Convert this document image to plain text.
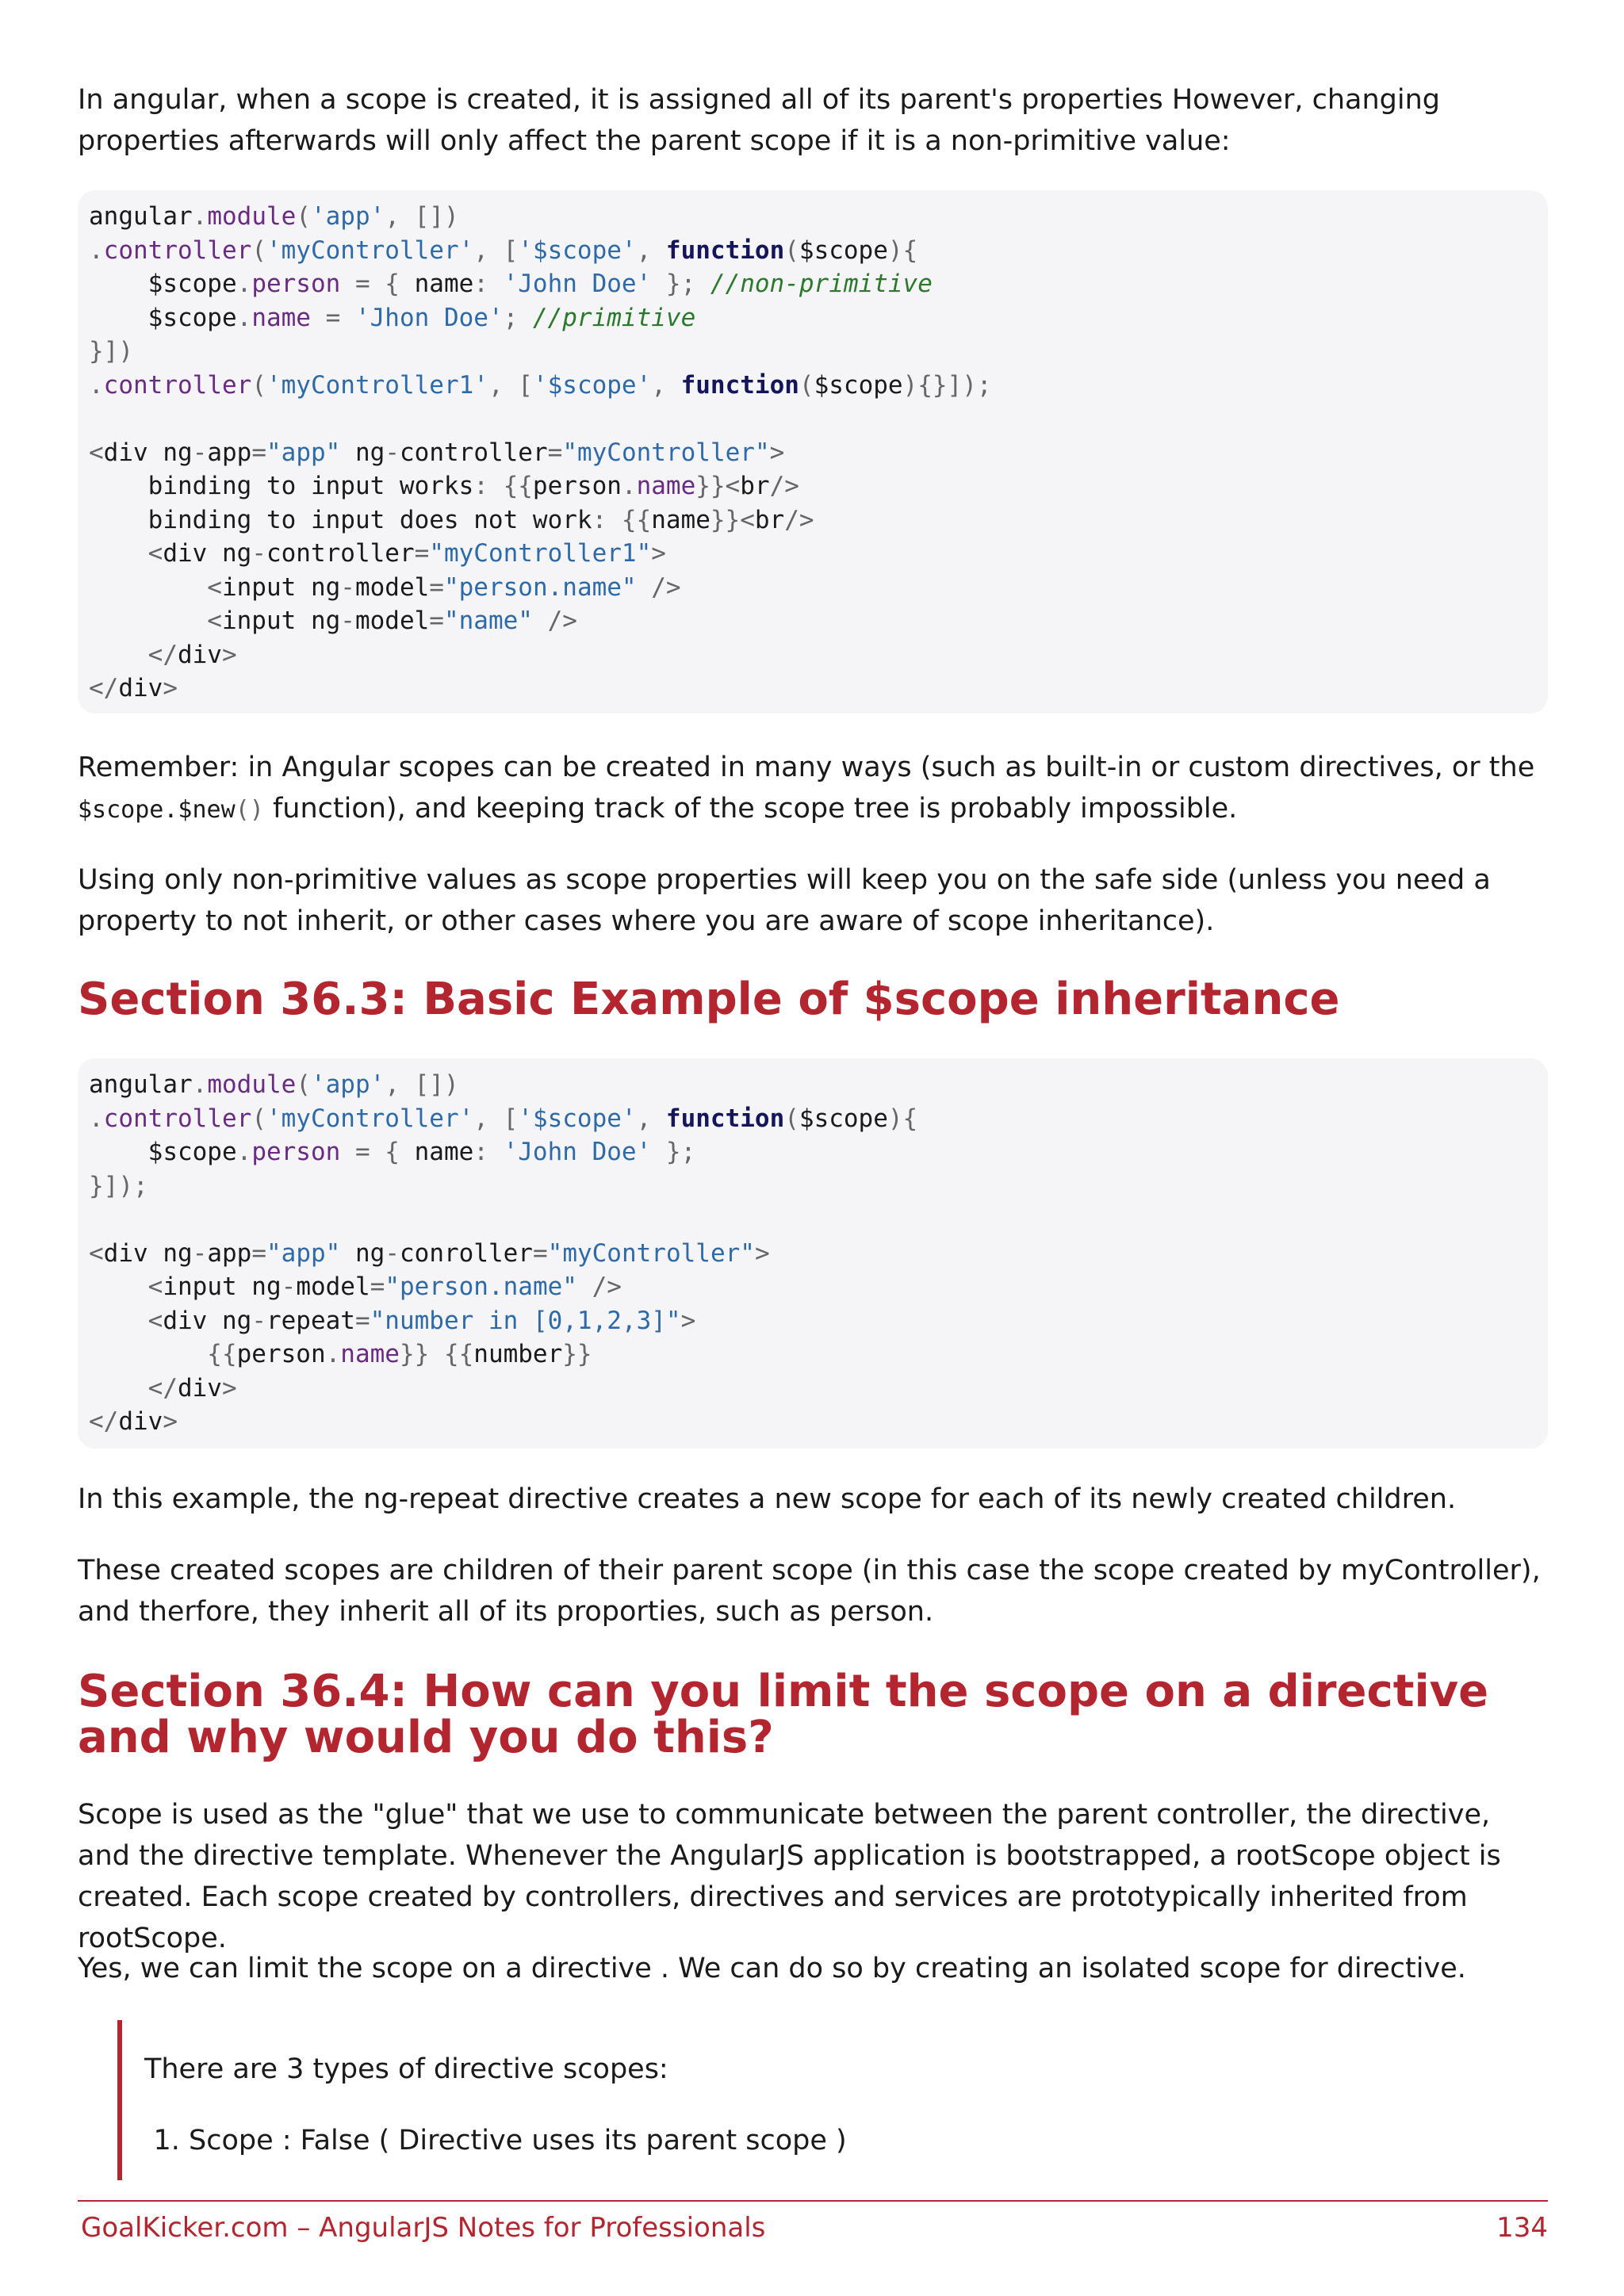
In angular, when a scope is created, it is assigned all of its parent's properties However, changing properties afterwards will only affect the parent scope if it is a non-primitive value:

angular.module('app', [])
.controller('myController', ['$scope', function($scope){
$scope.person = { name: 'John Doe' }; //non-primitive
$scope.name = 'Jhon Doe'; //primitive
}])
.controller('myController1', ['$scope', function($scope){}]);
<div ng-app="app" ng-controller="myController">
binding to input works: {{person.name}}<br/>
binding to input does not work: {{name}}<br/>
<div ng-controller="myController1">
<input ng-model="person.name" />
<input ng-model="name" />
</div>
</div>

Remember: in Angular scopes can be created in many ways (such as built-in or custom directives, or the $scope.$new() function), and keeping track of the scope tree is probably impossible.

Using only non-primitive values as scope properties will keep you on the safe side (unless you need a property to not inherit, or other cases where you are aware of scope inheritance).

Section 36.3: Basic Example of $scope inheritance
angular.module('app', [])
.controller('myController', ['$scope', function($scope){
$scope.person = { name: 'John Doe' };
}]);
<div ng-app="app" ng-conroller="myController">
<input ng-model="person.name" />
<div ng-repeat="number in [0,1,2,3]">
{{person.name}} {{number}}
</div>
</div>

In this example, the ng-repeat directive creates a new scope for each of its newly created children.

These created scopes are children of their parent scope (in this case the scope created by myController), and therfore, they inherit all of its proporties, such as person.

Section 36.4: How can you limit the scope on a directive and why would you do this?

Scope is used as the "glue" that we use to communicate between the parent controller, the directive, and the directive template. Whenever the AngularJS application is bootstrapped, a rootScope object is created. Each scope created by controllers, directives and services are prototypically inherited from rootScope.

Yes, we can limit the scope on a directive . We can do so by creating an isolated scope for directive.

There are 3 types of directive scopes:

1. Scope : False ( Directive uses its parent scope )
GoalKicker.com – AngularJS Notes for Professionals	134
